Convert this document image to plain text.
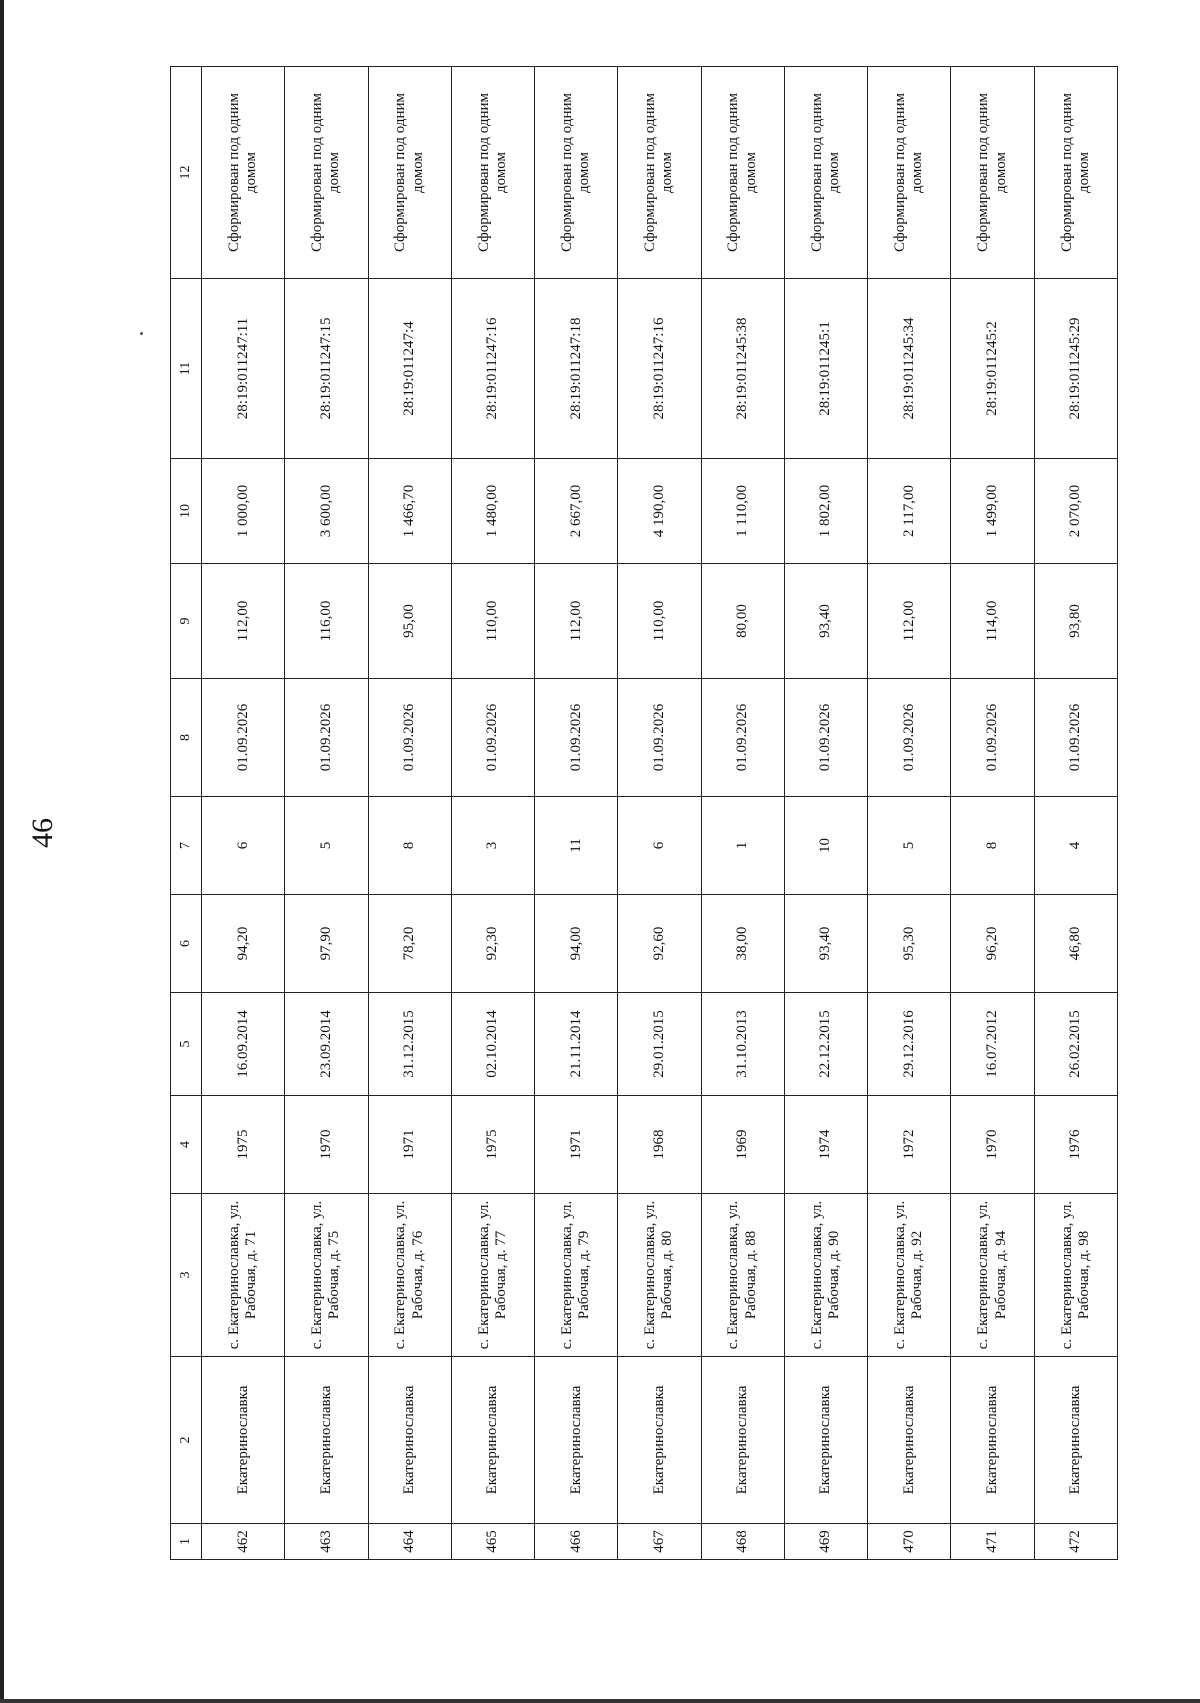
46
1	2	3	4	5	6	7	8	9	10	11	12
462	Екатеринославка	с. Екатеринославка, ул. Рабочая, д. 71	1975	16.09.2014	94,20	6	01.09.2026	112,00	1 000,00	28:19:011247:11	Сформирован под одним домом
463	Екатеринославка	с. Екатеринославка, ул. Рабочая, д. 75	1970	23.09.2014	97,90	5	01.09.2026	116,00	3 600,00	28:19:011247:15	Сформирован под одним домом
464	Екатеринославка	с. Екатеринославка, ул. Рабочая, д. 76	1971	31.12.2015	78,20	8	01.09.2026	95,00	1 466,70	28:19:011247:4	Сформирован под одним домом
465	Екатеринославка	с. Екатеринославка, ул. Рабочая, д. 77	1975	02.10.2014	92,30	3	01.09.2026	110,00	1 480,00	28:19:011247:16	Сформирован под одним домом
466	Екатеринославка	с. Екатеринославка, ул. Рабочая, д. 79	1971	21.11.2014	94,00	11	01.09.2026	112,00	2 667,00	28:19:011247:18	Сформирован под одним домом
467	Екатеринославка	с. Екатеринославка, ул. Рабочая, д. 80	1968	29.01.2015	92,60	6	01.09.2026	110,00	4 190,00	28:19:011247:16	Сформирован под одним домом
468	Екатеринославка	с. Екатеринославка, ул. Рабочая, д. 88	1969	31.10.2013	38,00	1	01.09.2026	80,00	1 110,00	28:19:011245:38	Сформирован под одним домом
469	Екатеринославка	с. Екатеринославка, ул. Рабочая, д. 90	1974	22.12.2015	93,40	10	01.09.2026	93,40	1 802,00	28:19:011245:1	Сформирован под одним домом
470	Екатеринославка	с. Екатеринославка, ул. Рабочая, д. 92	1972	29.12.2016	95,30	5	01.09.2026	112,00	2 117,00	28:19:011245:34	Сформирован под одним домом
471	Екатеринославка	с. Екатеринославка, ул. Рабочая, д. 94	1970	16.07.2012	96,20	8	01.09.2026	114,00	1 499,00	28:19:011245:2	Сформирован под одним домом
472	Екатеринославка	с. Екатеринославка, ул. Рабочая, д. 98	1976	26.02.2015	46,80	4	01.09.2026	93,80	2 070,00	28:19:011245:29	Сформирован под одним домом
